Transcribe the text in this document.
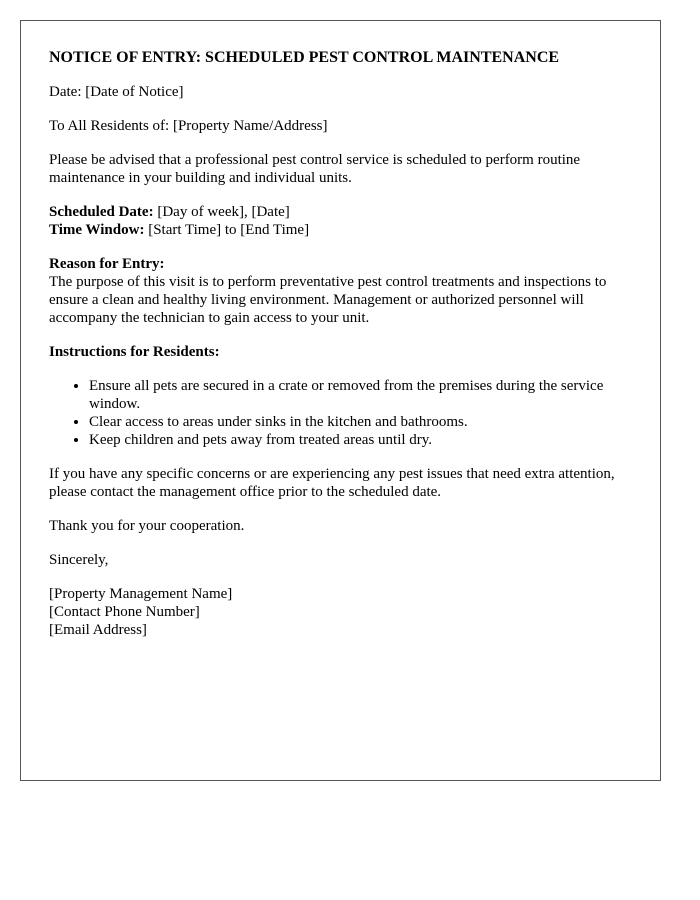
NOTICE OF ENTRY: SCHEDULED PEST CONTROL MAINTENANCE

Date: [Date of Notice]

To All Residents of: [Property Name/Address]

Please be advised that a professional pest control service is scheduled to perform routine maintenance in your building and individual units.

Scheduled Date: [Day of week], [Date]
Time Window: [Start Time] to [End Time]

Reason for Entry:
The purpose of this visit is to perform preventative pest control treatments and inspections to ensure a clean and healthy living environment. Management or authorized personnel will accompany the technician to gain access to your unit.

Instructions for Residents:

• Ensure all pets are secured in a crate or removed from the premises during the service window.
• Clear access to areas under sinks in the kitchen and bathrooms.
• Keep children and pets away from treated areas until dry.

If you have any specific concerns or are experiencing any pest issues that need extra attention, please contact the management office prior to the scheduled date.

Thank you for your cooperation.

Sincerely,

[Property Management Name]
[Contact Phone Number]
[Email Address]
